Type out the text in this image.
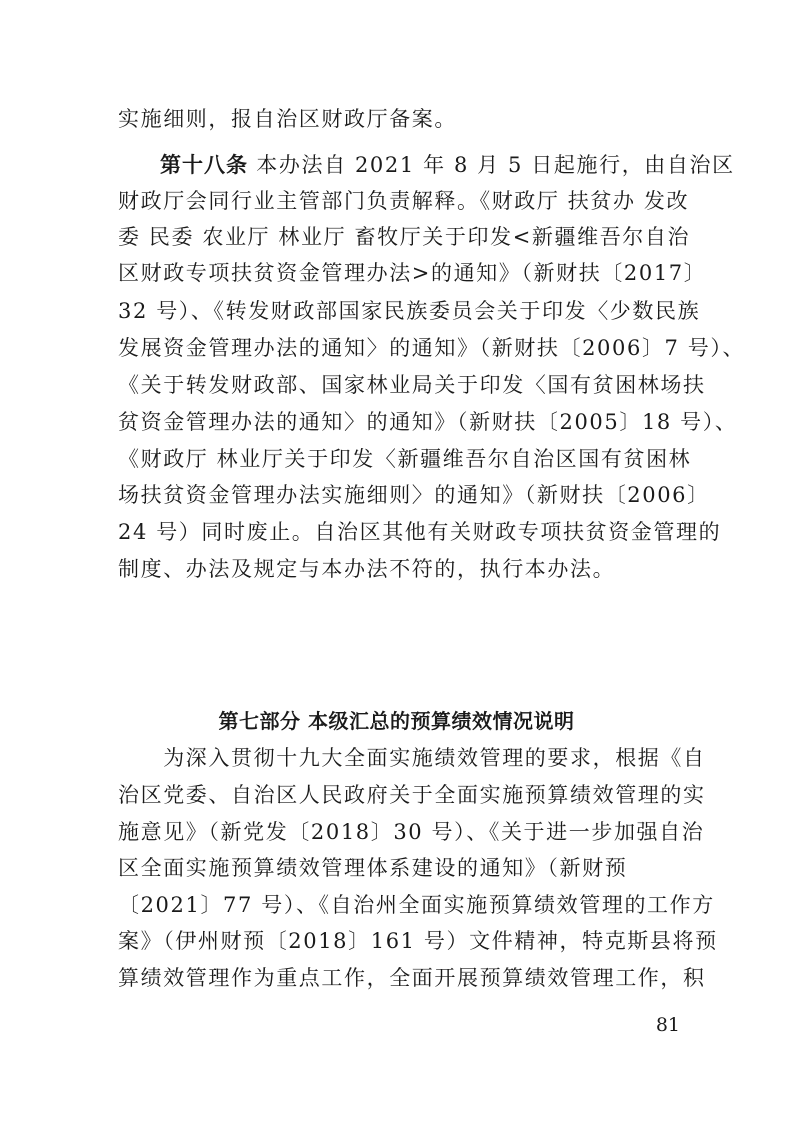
实施细则，报自治区财政厅备案。
第十八条 本办法自 2021 年 8 月 5 日起施行，由自治区
财政厅会同行业主管部门负责解释。《财政厅 扶贫办 发改
委 民委 农业厅 林业厅 畜牧厅关于印发<新疆维吾尔自治
区财政专项扶贫资金管理办法>的通知》（新财扶〔2017〕
32 号）、《转发财政部国家民族委员会关于印发〈少数民族
发展资金管理办法的通知〉的通知》（新财扶〔2006〕7 号）、
《关于转发财政部、国家林业局关于印发〈国有贫困林场扶
贫资金管理办法的通知〉的通知》（新财扶〔2005〕18 号）、
《财政厅 林业厅关于印发〈新疆维吾尔自治区国有贫困林
场扶贫资金管理办法实施细则〉的通知》（新财扶〔2006〕
24 号）同时废止。自治区其他有关财政专项扶贫资金管理的
制度、办法及规定与本办法不符的，执行本办法。
第七部分 本级汇总的预算绩效情况说明
　　为深入贯彻十九大全面实施绩效管理的要求，根据《自
治区党委、自治区人民政府关于全面实施预算绩效管理的实
施意见》（新党发〔2018〕30 号）、《关于进一步加强自治
区全面实施预算绩效管理体系建设的通知》（新财预
〔2021〕77 号）、《自治州全面实施预算绩效管理的工作方
案》（伊州财预〔2018〕161 号）文件精神，特克斯县将预
算绩效管理作为重点工作，全面开展预算绩效管理工作，积
81
